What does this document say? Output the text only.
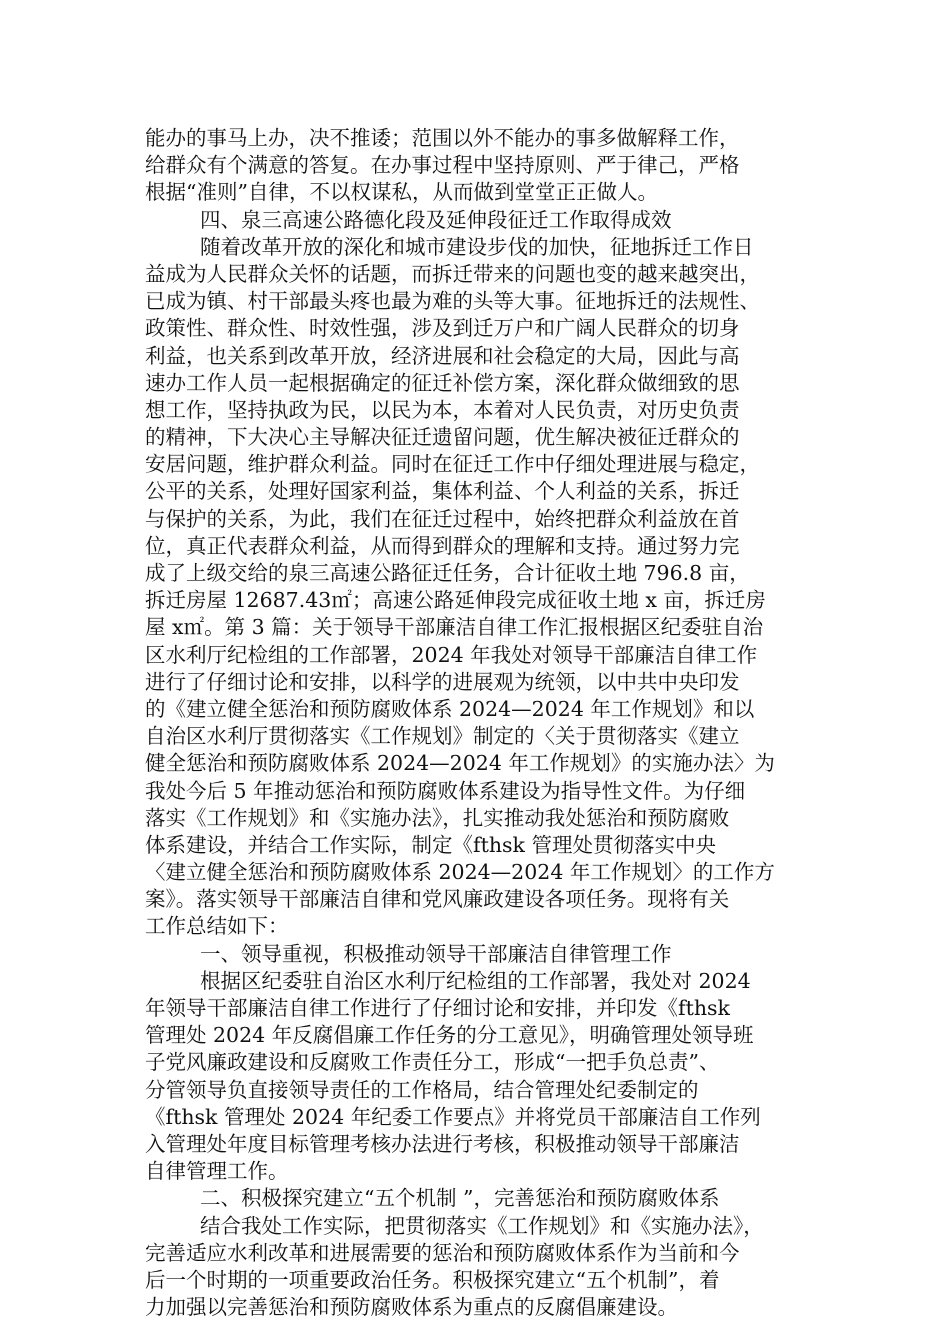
能办的事马上办，决不推诿；范围以外不能办的事多做解释工作，
给群众有个满意的答复。在办事过程中坚持原则、严于律己，严格
根据“准则”自律，不以权谋私，从而做到堂堂正正做人。
四、泉三高速公路德化段及延伸段征迁工作取得成效
随着改革开放的深化和城市建设步伐的加快，征地拆迁工作日
益成为人民群众关怀的话题，而拆迁带来的问题也变的越来越突出，
已成为镇、村干部最头疼也最为难的头等大事。征地拆迁的法规性、
政策性、群众性、时效性强，涉及到迁万户和广阔人民群众的切身
利益，也关系到改革开放，经济进展和社会稳定的大局，因此与高
速办工作人员一起根据确定的征迁补偿方案，深化群众做细致的思
想工作，坚持执政为民，以民为本，本着对人民负责，对历史负责
的精神，下大决心主导解决征迁遗留问题，优生解决被征迁群众的
安居问题，维护群众利益。同时在征迁工作中仔细处理进展与稳定，
公平的关系，处理好国家利益，集体利益、个人利益的关系，拆迁
与保护的关系，为此，我们在征迁过程中，始终把群众利益放在首
位，真正代表群众利益，从而得到群众的理解和支持。通过努力完
成了上级交给的泉三高速公路征迁任务，合计征收土地 796.8 亩，
拆迁房屋 12687.43㎡；高速公路延伸段完成征收土地 x 亩，拆迁房
屋 x㎡。第 3 篇：关于领导干部廉洁自律工作汇报根据区纪委驻自治
区水利厅纪检组的工作部署，2024 年我处对领导干部廉洁自律工作
进行了仔细讨论和安排，以科学的进展观为统领，以中共中央印发
的《建立健全惩治和预防腐败体系 2024—2024 年工作规划》和以
自治区水利厅贯彻落实《工作规划》制定的〈关于贯彻落实《建立
健全惩治和预防腐败体系 2024—2024 年工作规划》的实施办法〉为
我处今后 5 年推动惩治和预防腐败体系建设为指导性文件。为仔细
落实《工作规划》和《实施办法》，扎实推动我处惩治和预防腐败
体系建设，并结合工作实际，制定《fthsk 管理处贯彻落实中央
〈建立健全惩治和预防腐败体系 2024—2024 年工作规划〉的工作方
案》。落实领导干部廉洁自律和党风廉政建设各项任务。现将有关
工作总结如下：
一、领导重视，积极推动领导干部廉洁自律管理工作
根据区纪委驻自治区水利厅纪检组的工作部署，我处对 2024
年领导干部廉洁自律工作进行了仔细讨论和安排，并印发《fthsk
管理处 2024 年反腐倡廉工作任务的分工意见》，明确管理处领导班
子党风廉政建设和反腐败工作责任分工，形成“一把手负总责”、
分管领导负直接领导责任的工作格局，结合管理处纪委制定的
《fthsk 管理处 2024 年纪委工作要点》并将党员干部廉洁自工作列
入管理处年度目标管理考核办法进行考核，积极推动领导干部廉洁
自律管理工作。
二、积极探究建立“五个机制 ”，完善惩治和预防腐败体系
结合我处工作实际，把贯彻落实《工作规划》和《实施办法》，
完善适应水利改革和进展需要的惩治和预防腐败体系作为当前和今
后一个时期的一项重要政治任务。积极探究建立“五个机制”，着
力加强以完善惩治和预防腐败体系为重点的反腐倡廉建设。
